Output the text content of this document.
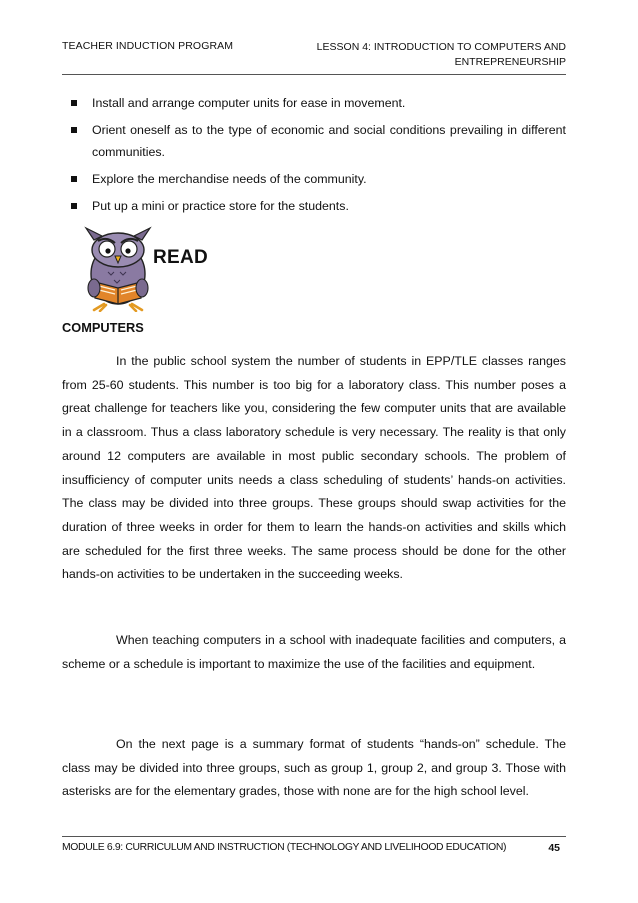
TEACHER INDUCTION PROGRAM	LESSON 4: INTRODUCTION TO COMPUTERS AND
ENTREPRENEURSHIP
Install and arrange computer units for ease in movement.
Orient oneself as to the type of economic and social conditions prevailing in different communities.
Explore the merchandise needs of the community.
Put up a mini or practice store for the students.
READ
COMPUTERS

In the public school system the number of students in EPP/TLE classes ranges from 25-60 students. This number is too big for a laboratory class. This number poses a great challenge for teachers like you, considering the few computer units that are available in a classroom. Thus a class laboratory schedule is very necessary. The reality is that only around 12 computers are available in most public secondary schools. The problem of insufficiency of computer units needs a class scheduling of students’ hands-on activities. The class may be divided into three groups. These groups should swap activities for the duration of three weeks in order for them to learn the hands-on activities and skills which are scheduled for the first three weeks. The same process should be done for the other hands-on activities to be undertaken in the succeeding weeks.

When teaching computers in a school with inadequate facilities and computers, a scheme or a schedule is important to maximize the use of the facilities and equipment.

On the next page is a summary format of students “hands-on” schedule. The class may be divided into three groups, such as group 1, group 2, and group 3. Those with asterisks are for the elementary grades, those with none are for the high school level.

MODULE 6.9: CURRICULUM AND INSTRUCTION (TECHNOLOGY AND LIVELIHOOD EDUCATION)	45
